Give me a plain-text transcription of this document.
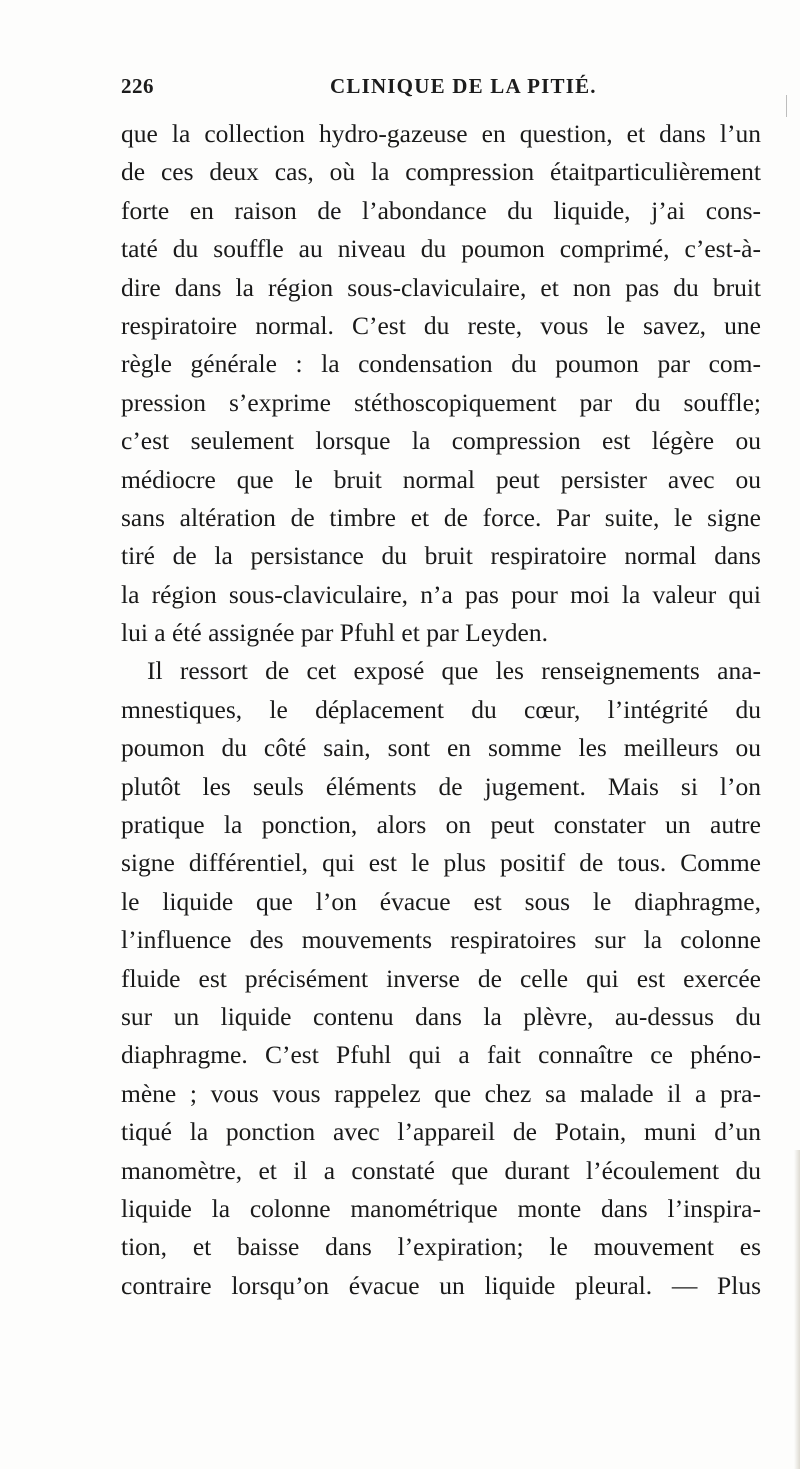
226	CLINIQUE DE LA PITIÉ.
que la collection hydro-gazeuse en question, et dans l’un
de ces deux cas, où la compression étaitparticulièrement
forte en raison de l’abondance du liquide, j’ai cons-
taté du souffle au niveau du poumon comprimé, c’est-à-
dire dans la région sous-claviculaire, et non pas du bruit
respiratoire normal. C’est du reste, vous le savez, une
règle générale : la condensation du poumon par com-
pression s’exprime stéthoscopiquement par du souffle;
c’est seulement lorsque la compression est légère ou
médiocre que le bruit normal peut persister avec ou
sans altération de timbre et de force. Par suite, le signe
tiré de la persistance du bruit respiratoire normal dans
la région sous-claviculaire, n’a pas pour moi la valeur qui
lui a été assignée par Pfuhl et par Leyden.
Il ressort de cet exposé que les renseignements ana-
mnestiques, le déplacement du cœur, l’intégrité du
poumon du côté sain, sont en somme les meilleurs ou
plutôt les seuls éléments de jugement. Mais si l’on
pratique la ponction, alors on peut constater un autre
signe différentiel, qui est le plus positif de tous. Comme
le liquide que l’on évacue est sous le diaphragme,
l’influence des mouvements respiratoires sur la colonne
fluide est précisément inverse de celle qui est exercée
sur un liquide contenu dans la plèvre, au-dessus du
diaphragme. C’est Pfuhl qui a fait connaître ce phéno-
mène ; vous vous rappelez que chez sa malade il a pra-
tiqué la ponction avec l’appareil de Potain, muni d’un
manomètre, et il a constaté que durant l’écoulement du
liquide la colonne manométrique monte dans l’inspira-
tion, et baisse dans l’expiration; le mouvement es
contraire lorsqu’on évacue un liquide pleural. — Plus
